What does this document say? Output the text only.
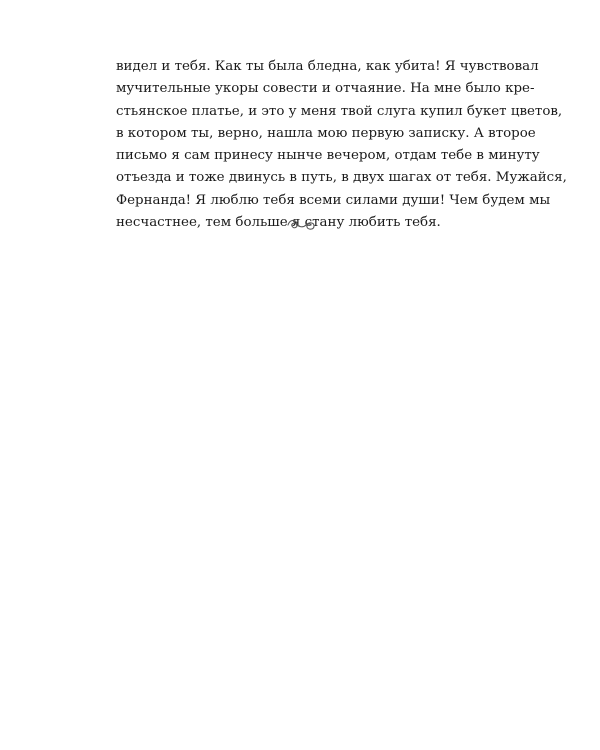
видел и тебя. Как ты была бледна, как убита! Я чувствовал
мучительные укоры совести и отчаяние. На мне было кре-
стьянское платье, и это у меня твой слуга купил букет цветов,
в котором ты, верно, нашла мою первую записку. А второе
письмо я сам принесу нынче вечером, отдам тебе в минуту
отъезда и тоже двинусь в путь, в двух шагах от тебя. Мужайся,
Фернанда! Я люблю тебя всеми силами души! Чем будем мы
несчастнее, тем больше я стану любить тебя.
